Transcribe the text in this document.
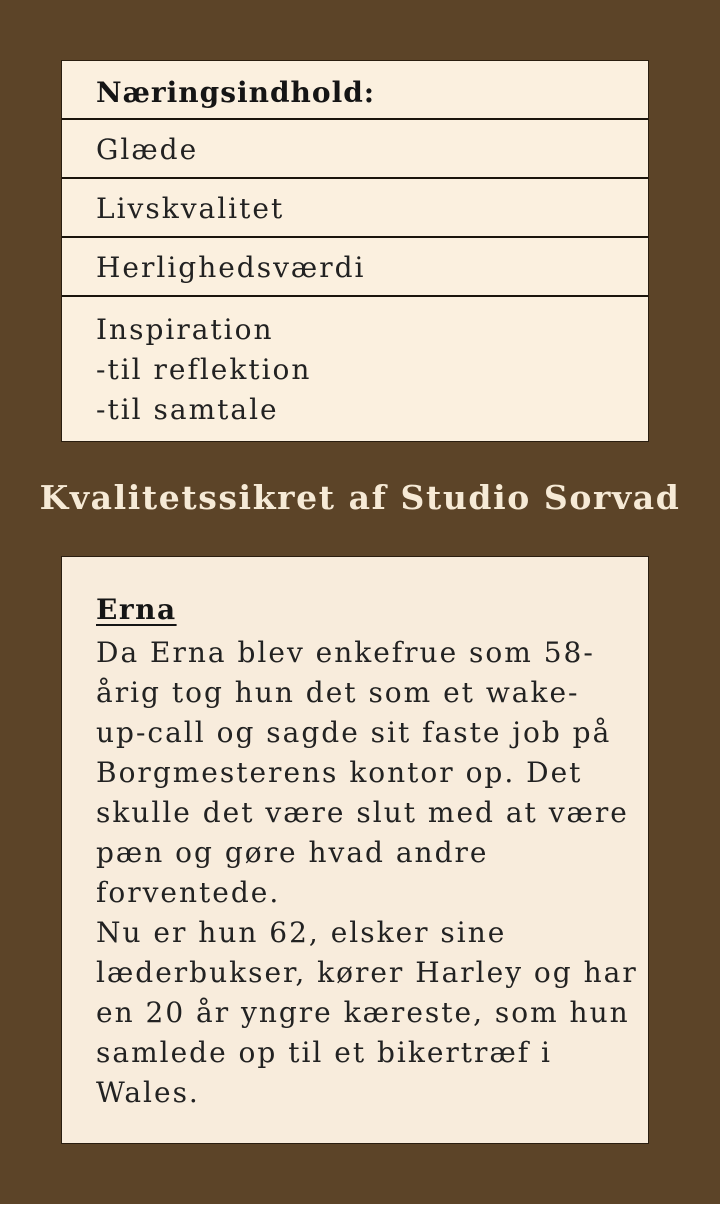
Næringsindhold:
Glæde
Livskvalitet
Herlighedsværdi
Inspiration
-til reflektion
-til samtale
Kvalitetssikret af Studio Sorvad
Erna
Da Erna blev enkefrue som 58-
årig tog hun det som et wake-
up-call og sagde sit faste job på
Borgmesterens kontor op. Det
skulle det være slut med at være
pæn og gøre hvad andre
forventede.
Nu er hun 62, elsker sine
læderbukser, kører Harley og har
en 20 år yngre kæreste, som hun
samlede op til et bikertræf i
Wales.
